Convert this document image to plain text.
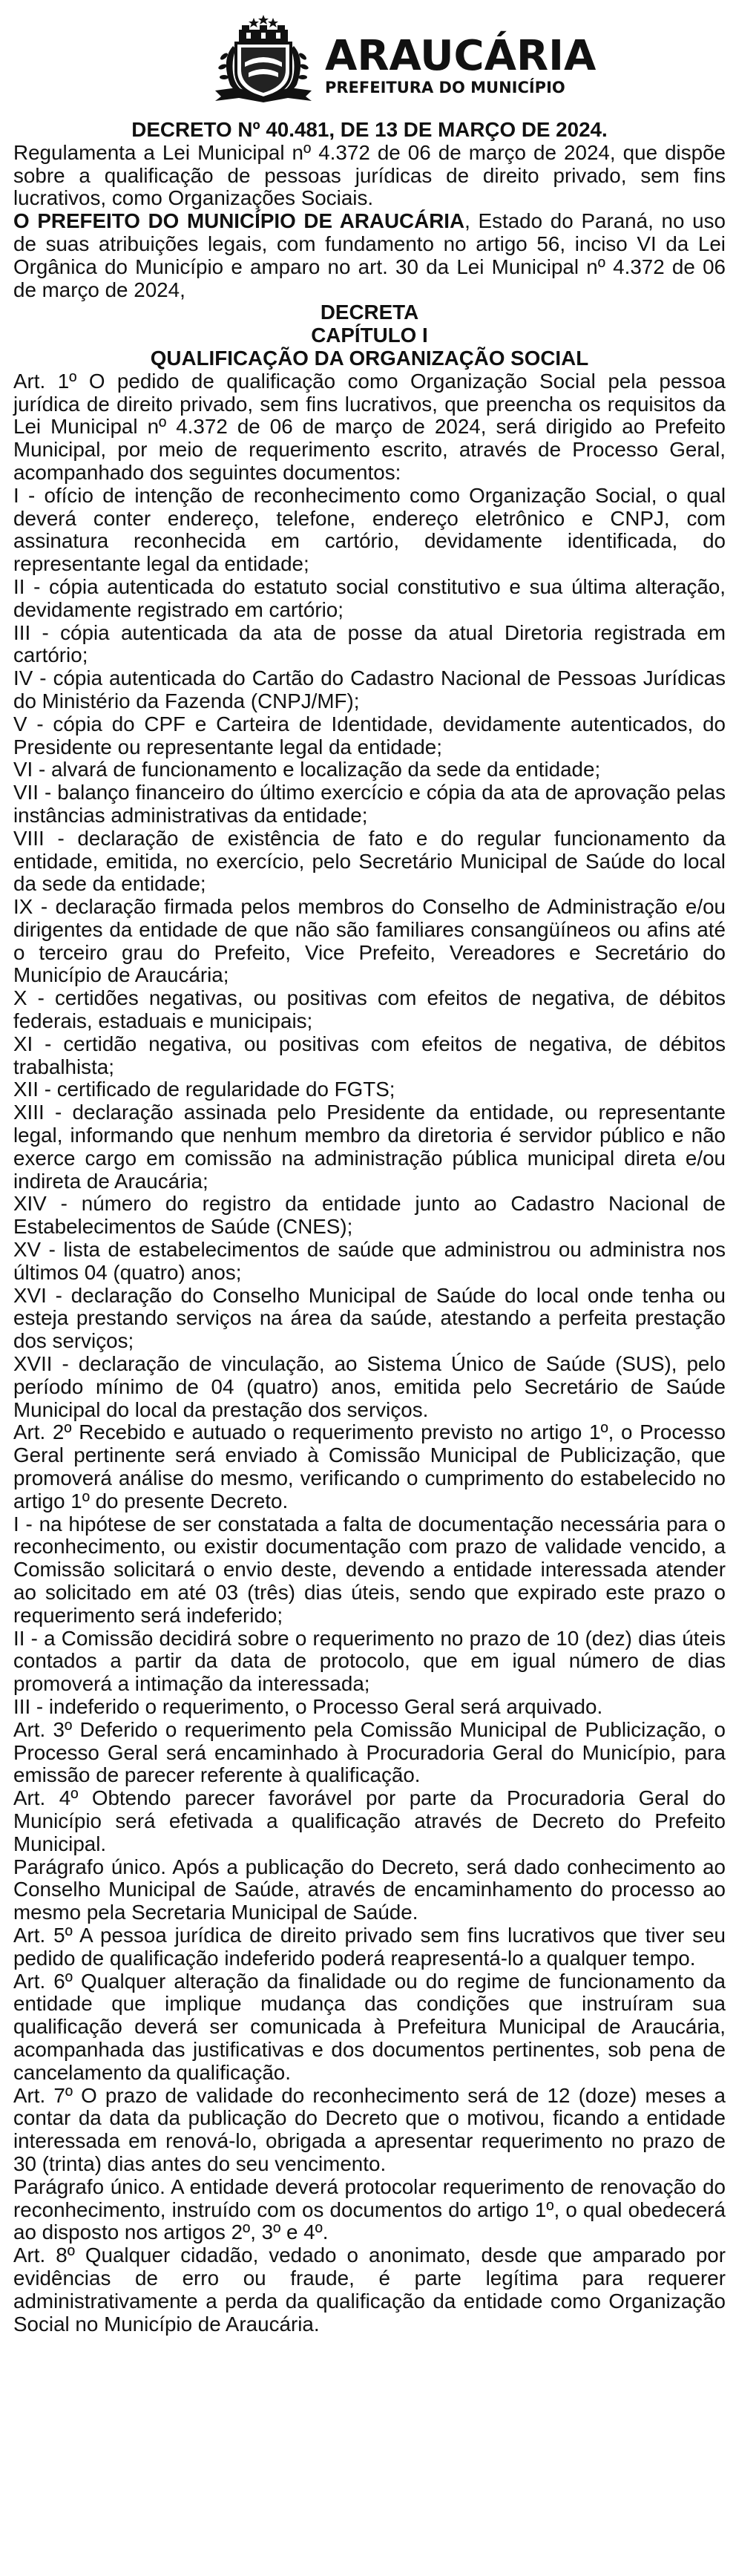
ARAUCÁRIA
PREFEITURA DO MUNICÍPIO

DECRETO Nº 40.481, DE 13 DE MARÇO DE 2024.

Regulamenta a Lei Municipal nº 4.372 de 06 de março de 2024, que dispõe sobre a qualificação de pessoas jurídicas de direito privado, sem fins lucrativos, como Organizações Sociais.

O PREFEITO DO MUNICÍPIO DE ARAUCÁRIA, Estado do Paraná, no uso de suas atribuições legais, com fundamento no artigo 56, inciso VI da Lei Orgânica do Município e amparo no art. 30 da Lei Municipal nº 4.372 de 06 de março de 2024,

DECRETA

CAPÍTULO I

QUALIFICAÇÃO DA ORGANIZAÇÃO SOCIAL

Art. 1º O pedido de qualificação como Organização Social pela pessoa jurídica de direito privado, sem fins lucrativos, que preencha os requisitos da Lei Municipal nº 4.372 de 06 de março de 2024, será dirigido ao Prefeito Municipal, por meio de requerimento escrito, através de Processo Geral, acompanhado dos seguintes documentos:

I - ofício de intenção de reconhecimento como Organização Social, o qual deverá conter endereço, telefone, endereço eletrônico e CNPJ, com assinatura reconhecida em cartório, devidamente identificada, do representante legal da entidade;

II - cópia autenticada do estatuto social constitutivo e sua última alteração, devidamente registrado em cartório;

III - cópia autenticada da ata de posse da atual Diretoria registrada em cartório;

IV - cópia autenticada do Cartão do Cadastro Nacional de Pessoas Jurídicas do Ministério da Fazenda (CNPJ/MF);

V - cópia do CPF e Carteira de Identidade, devidamente autenticados, do Presidente ou representante legal da entidade;

VI - alvará de funcionamento e localização da sede da entidade;

VII - balanço financeiro do último exercício e cópia da ata de aprovação pelas instâncias administrativas da entidade;

VIII - declaração de existência de fato e do regular funcionamento da entidade, emitida, no exercício, pelo Secretário Municipal de Saúde do local da sede da entidade;

IX - declaração firmada pelos membros do Conselho de Administração e/ou dirigentes da entidade de que não são familiares consangüíneos ou afins até o terceiro grau do Prefeito, Vice Prefeito, Vereadores e Secretário do Município de Araucária;

X - certidões negativas, ou positivas com efeitos de negativa, de débitos federais, estaduais e municipais;

XI - certidão negativa, ou positivas com efeitos de negativa, de débitos trabalhista;

XII - certificado de regularidade do FGTS;

XIII - declaração assinada pelo Presidente da entidade, ou representante legal, informando que nenhum membro da diretoria é servidor público e não exerce cargo em comissão na administração pública municipal direta e/ou indireta de Araucária;

XIV - número do registro da entidade junto ao Cadastro Nacional de Estabelecimentos de Saúde (CNES);

XV - lista de estabelecimentos de saúde que administrou ou administra nos últimos 04 (quatro) anos;

XVI - declaração do Conselho Municipal de Saúde do local onde tenha ou esteja prestando serviços na área da saúde, atestando a perfeita prestação dos serviços;

XVII - declaração de vinculação, ao Sistema Único de Saúde (SUS), pelo período mínimo de 04 (quatro) anos, emitida pelo Secretário de Saúde Municipal do local da prestação dos serviços.

Art. 2º Recebido e autuado o requerimento previsto no artigo 1º, o Processo Geral pertinente será enviado à Comissão Municipal de Publicização, que promoverá análise do mesmo, verificando o cumprimento do estabelecido no artigo 1º do presente Decreto.

I - na hipótese de ser constatada a falta de documentação necessária para o reconhecimento, ou existir documentação com prazo de validade vencido, a Comissão solicitará o envio deste, devendo a entidade interessada atender ao solicitado em até 03 (três) dias úteis, sendo que expirado este prazo o requerimento será indeferido;

II - a Comissão decidirá sobre o requerimento no prazo de 10 (dez) dias úteis contados a partir da data de protocolo, que em igual número de dias promoverá a intimação da interessada;

III - indeferido o requerimento, o Processo Geral será arquivado.

Art. 3º Deferido o requerimento pela Comissão Municipal de Publicização, o Processo Geral será encaminhado à Procuradoria Geral do Município, para emissão de parecer referente à qualificação.

Art. 4º Obtendo parecer favorável por parte da Procuradoria Geral do Município será efetivada a qualificação através de Decreto do Prefeito Municipal.

Parágrafo único. Após a publicação do Decreto, será dado conhecimento ao Conselho Municipal de Saúde, através de encaminhamento do processo ao mesmo pela Secretaria Municipal de Saúde.

Art. 5º A pessoa jurídica de direito privado sem fins lucrativos que tiver seu pedido de qualificação indeferido poderá reapresentá-lo a qualquer tempo.

Art. 6º Qualquer alteração da finalidade ou do regime de funcionamento da entidade que implique mudança das condições que instruíram sua qualificação deverá ser comunicada à Prefeitura Municipal de Araucária, acompanhada das justificativas e dos documentos pertinentes, sob pena de cancelamento da qualificação.

Art. 7º O prazo de validade do reconhecimento será de 12 (doze) meses a contar da data da publicação do Decreto que o motivou, ficando a entidade interessada em renová-lo, obrigada a apresentar requerimento no prazo de 30 (trinta) dias antes do seu vencimento.

Parágrafo único. A entidade deverá protocolar requerimento de renovação do reconhecimento, instruído com os documentos do artigo 1º, o qual obedecerá ao disposto nos artigos 2º, 3º e 4º.

Art. 8º Qualquer cidadão, vedado o anonimato, desde que amparado por evidências de erro ou fraude, é parte legítima para requerer administrativamente a perda da qualificação da entidade como Organização Social no Município de Araucária.
